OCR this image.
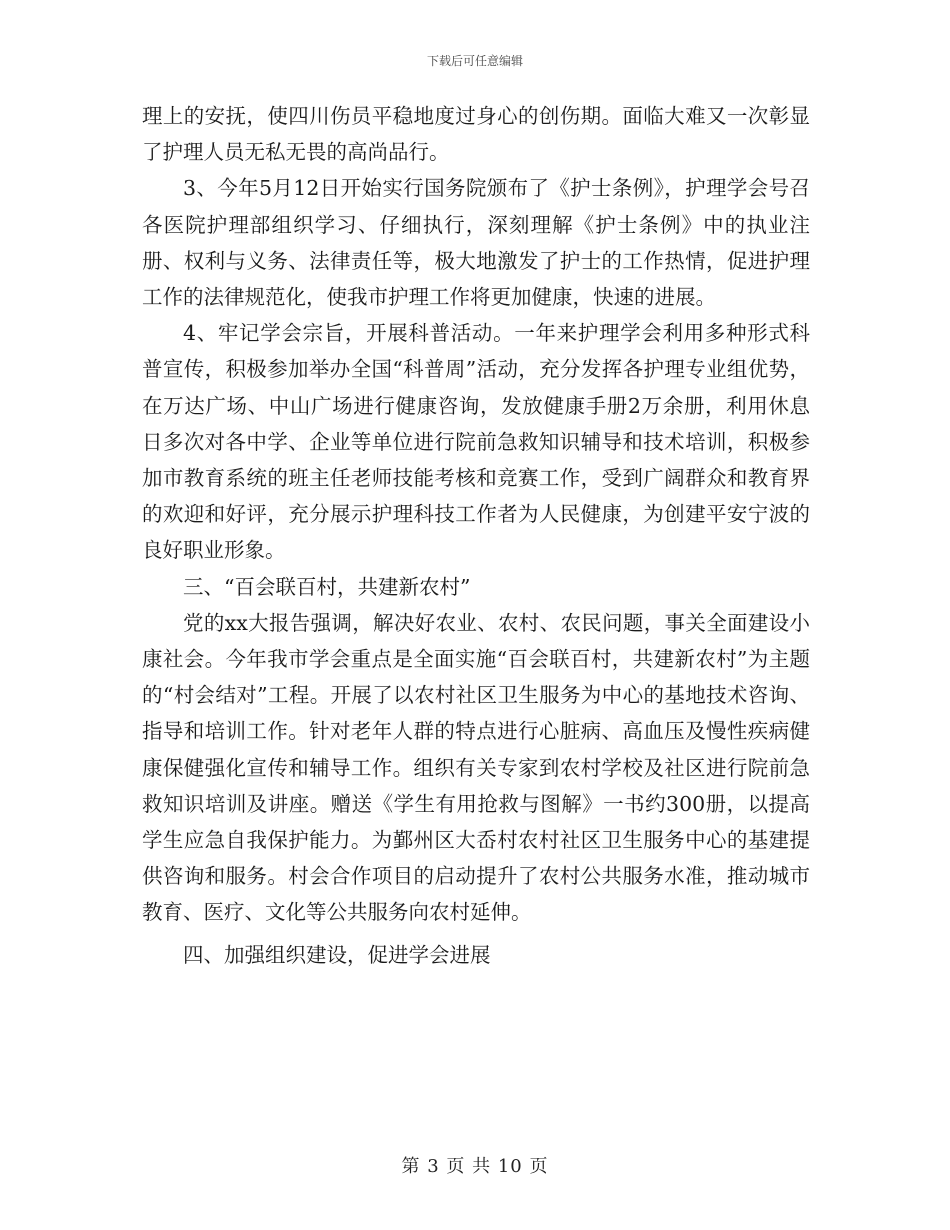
下载后可任意编辑

理上的安抚，使四川伤员平稳地度过身心的创伤期。面临大难又一次彰显了护理人员无私无畏的高尚品行。

3、今年5月12日开始实行国务院颁布了《护士条例》，护理学会号召各医院护理部组织学习、仔细执行，深刻理解《护士条例》中的执业注册、权利与义务、法律责任等，极大地激发了护士的工作热情，促进护理工作的法律规范化，使我市护理工作将更加健康，快速的进展。

4、牢记学会宗旨，开展科普活动。一年来护理学会利用多种形式科普宣传，积极参加举办全国“科普周”活动，充分发挥各护理专业组优势，在万达广场、中山广场进行健康咨询，发放健康手册2万余册，利用休息日多次对各中学、企业等单位进行院前急救知识辅导和技术培训，积极参加市教育系统的班主任老师技能考核和竞赛工作，受到广阔群众和教育界的欢迎和好评，充分展示护理科技工作者为人民健康，为创建平安宁波的良好职业形象。

三、“百会联百村，共建新农村”

党的xx大报告强调，解决好农业、农村、农民问题，事关全面建设小康社会。今年我市学会重点是全面实施“百会联百村，共建新农村”为主题的“村会结对”工程。开展了以农村社区卫生服务为中心的基地技术咨询、指导和培训工作。针对老年人群的特点进行心脏病、高血压及慢性疾病健康保健强化宣传和辅导工作。组织有关专家到农村学校及社区进行院前急救知识培训及讲座。赠送《学生有用抢救与图解》一书约300册，以提高学生应急自我保护能力。为鄞州区大岙村农村社区卫生服务中心的基建提供咨询和服务。村会合作项目的启动提升了农村公共服务水准，推动城市教育、医疗、文化等公共服务向农村延伸。

四、加强组织建设，促进学会进展

第 3 页 共 10 页
